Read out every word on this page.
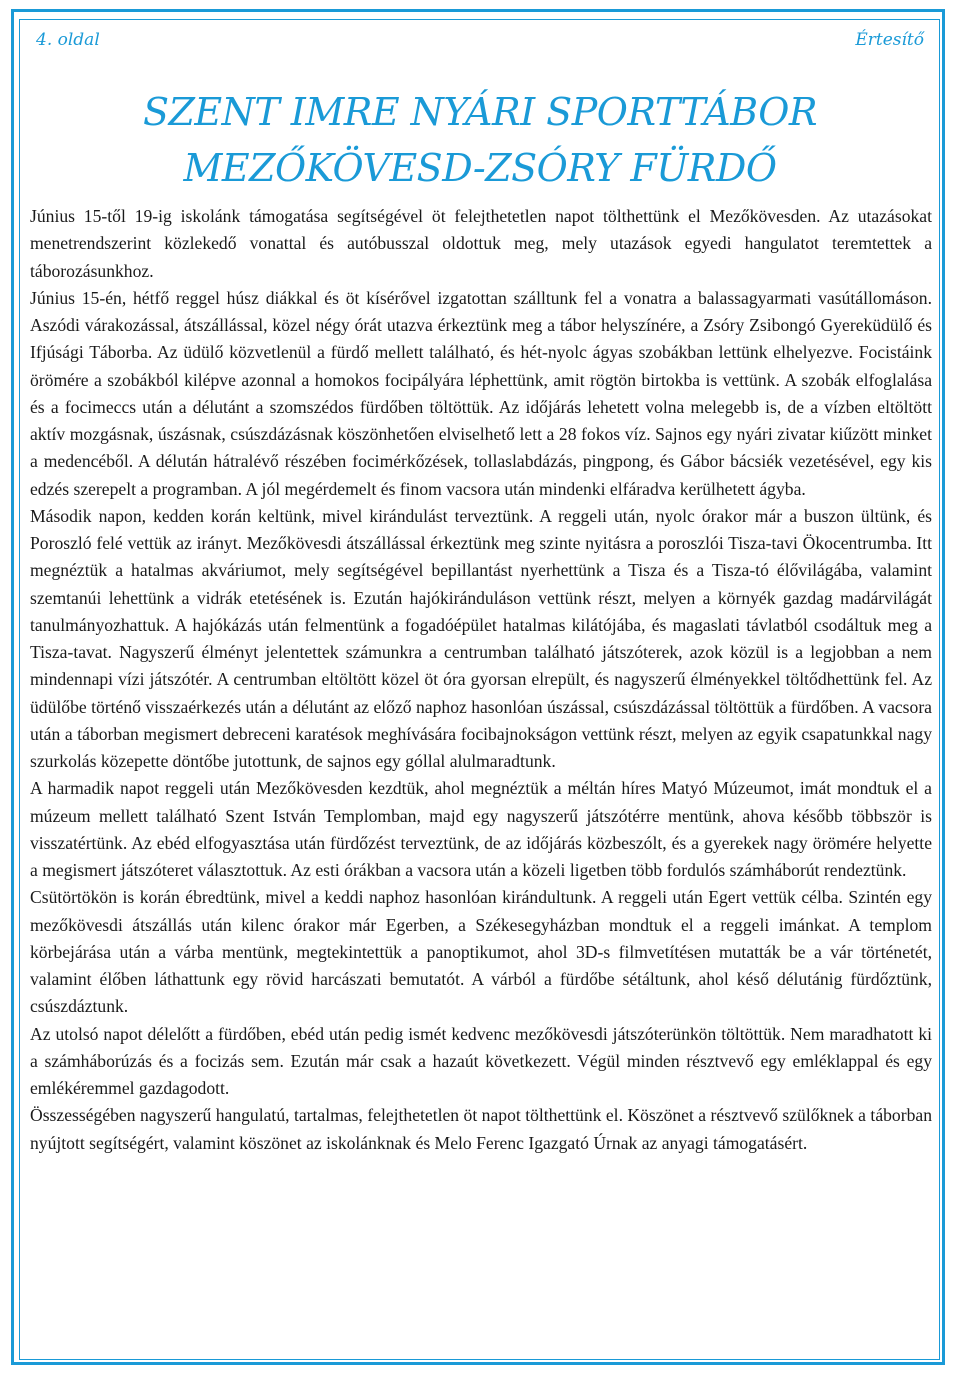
4. oldal	Értesítő
SZENT IMRE NYÁRI SPORTTÁBOR
MEZŐKÖVESD-ZSÓRY FÜRDŐ

Június 15-től 19-ig iskolánk támogatása segítségével öt felejthetetlen napot tölthettünk el Mezőkövesden. Az utazásokat menetrendszerint közlekedő vonattal és autóbusszal oldottuk meg, mely utazások egyedi hangulatot teremtettek a táborozásunkhoz.

Június 15-én, hétfő reggel húsz diákkal és öt kísérővel izgatottan szálltunk fel a vonatra a balassagyarmati vasútállomáson. Aszódi várakozással, átszállással, közel négy órát utazva érkeztünk meg a tábor helyszínére, a Zsóry Zsibongó Gyereküdülő és Ifjúsági Táborba. Az üdülő közvetlenül a fürdő mellett található, és hét-nyolc ágyas szobákban lettünk elhelyezve. Focistáink örömére a szobákból kilépve azonnal a homokos focipályára léphettünk, amit rögtön birtokba is vettünk. A szobák elfoglalása és a focimeccs után a délutánt a szomszédos fürdőben töltöttük. Az időjárás lehetett volna melegebb is, de a vízben eltöltött aktív mozgásnak, úszásnak, csúszdázásnak köszönhetően elviselhető lett a 28 fokos víz. Sajnos egy nyári zivatar kiűzött minket a medencéből. A délután hátralévő részében focimérkőzések, tollaslabdázás, pingpong, és Gábor bácsiék vezetésével, egy kis edzés szerepelt a programban. A jól megérdemelt és finom vacsora után mindenki elfáradva kerülhetett ágyba.

Második napon, kedden korán keltünk, mivel kirándulást terveztünk. A reggeli után, nyolc órakor már a buszon ültünk, és Poroszló felé vettük az irányt. Mezőkövesdi átszállással érkeztünk meg szinte nyitásra a poroszlói Tisza-tavi Ökocentrumba. Itt megnéztük a hatalmas akváriumot, mely segítségével bepillantást nyerhettünk a Tisza és a Tisza-tó élővilágába, valamint szemtanúi lehettünk a vidrák etetésének is. Ezután hajókiránduláson vettünk részt, melyen a környék gazdag madárvilágát tanulmányozhattuk. A hajókázás után felmentünk a fogadóépület hatalmas kilátójába, és magaslati távlatból csodáltuk meg a Tisza-tavat. Nagyszerű élményt jelentettek számunkra a centrumban található játszóterek, azok közül is a legjobban a nem mindennapi vízi játszótér. A centrumban eltöltött közel öt óra gyorsan elrepült, és nagyszerű élményekkel töltődhettünk fel. Az üdülőbe történő visszaérkezés után a délutánt az előző naphoz hasonlóan úszással, csúszdázással töltöttük a fürdőben. A vacsora után a táborban megismert debreceni karatésok meghívására focibajnokságon vettünk részt, melyen az egyik csapatunkkal nagy szurkolás közepette döntőbe jutottunk, de sajnos egy góllal alulmaradtunk.

A harmadik napot reggeli után Mezőkövesden kezdtük, ahol megnéztük a méltán híres Matyó Múzeumot, imát mondtuk el a múzeum mellett található Szent István Templomban, majd egy nagyszerű játszótérre mentünk, ahova később többször is visszatértünk. Az ebéd elfogyasztása után fürdőzést terveztünk, de az időjárás közbeszólt, és a gyerekek nagy örömére helyette a megismert játszóteret választottuk. Az esti órákban a vacsora után a közeli ligetben több fordulós számháborút rendeztünk.

Csütörtökön is korán ébredtünk, mivel a keddi naphoz hasonlóan kirándultunk. A reggeli után Egert vettük célba. Szintén egy mezőkövesdi átszállás után kilenc órakor már Egerben, a Székesegyházban mondtuk el a reggeli imánkat. A templom körbejárása után a várba mentünk, megtekintettük a panoptikumot, ahol 3D-s filmvetítésen mutatták be a vár történetét, valamint élőben láthattunk egy rövid harcászati bemutatót. A várból a fürdőbe sétáltunk, ahol késő délutánig fürdőztünk, csúszdáztunk.

Az utolsó napot délelőtt a fürdőben, ebéd után pedig ismét kedvenc mezőkövesdi játszóterünkön töltöttük. Nem maradhatott ki a számháborúzás és a focizás sem. Ezután már csak a hazaút következett. Végül minden résztvevő egy emléklappal és egy emlékéremmel gazdagodott.

Összességében nagyszerű hangulatú, tartalmas, felejthetetlen öt napot tölthettünk el. Köszönet a résztvevő szülőknek a táborban nyújtott segítségért, valamint köszönet az iskolánknak és Melo Ferenc Igazgató Úrnak az anyagi támogatásért.
